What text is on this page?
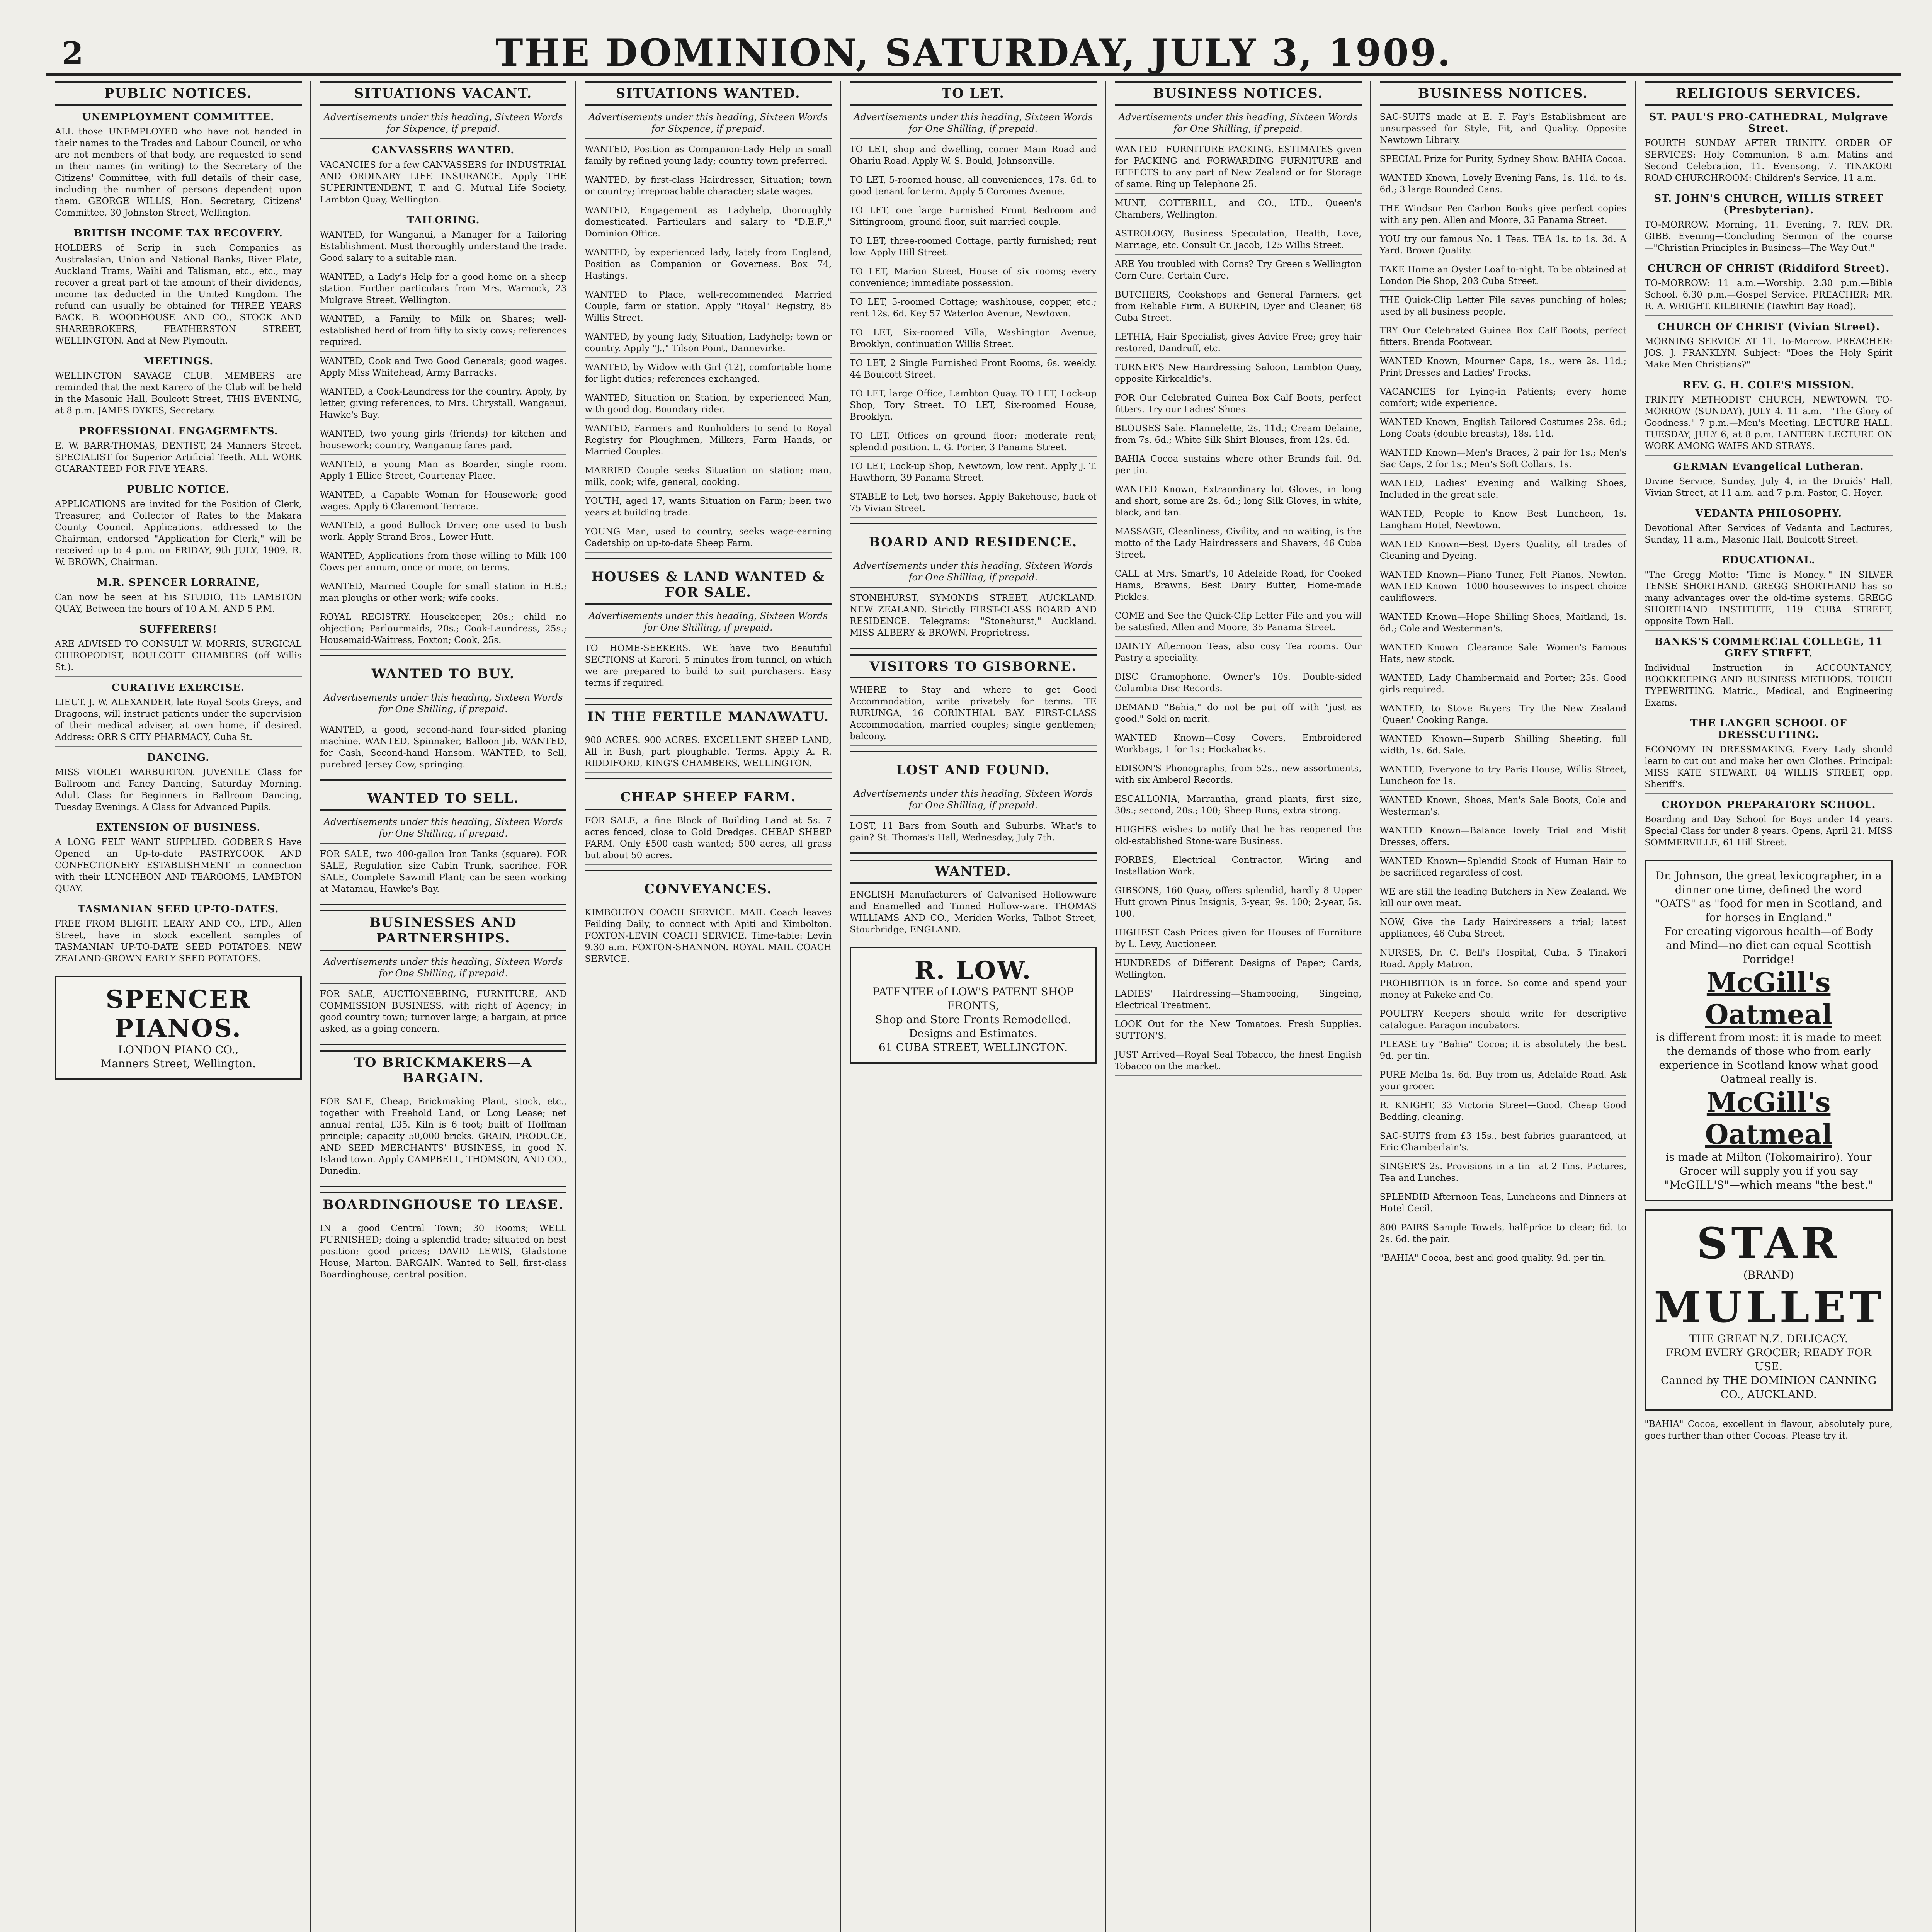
2	THE DOMINION, SATURDAY, JULY 3, 1909.
PUBLIC NOTICES.
UNEMPLOYMENT COMMITTEE.

ALL those UNEMPLOYED who have not handed in their names to the Trades and Labour Council, or who are not members of that body, are requested to send in their names (in writing) to the Secretary of the Citizens' Committee, with full details of their case, including the number of persons dependent upon them. GEORGE WILLIS, Hon. Secretary, Citizens' Committee, 30 Johnston Street, Wellington.

BRITISH INCOME TAX RECOVERY.

HOLDERS of Scrip in such Companies as Australasian, Union and National Banks, River Plate, Auckland Trams, Waihi and Talisman, etc., etc., may recover a great part of the amount of their dividends, income tax deducted in the United Kingdom. The refund can usually be obtained for THREE YEARS BACK. B. WOODHOUSE AND CO., STOCK AND SHAREBROKERS, FEATHERSTON STREET, WELLINGTON. And at New Plymouth.

MEETINGS.

WELLINGTON SAVAGE CLUB. MEMBERS are reminded that the next Karero of the Club will be held in the Masonic Hall, Boulcott Street, THIS EVENING, at 8 p.m. JAMES DYKES, Secretary.

PROFESSIONAL ENGAGEMENTS.

E. W. BARR-THOMAS, DENTIST, 24 Manners Street. SPECIALIST for Superior Artificial Teeth. ALL WORK GUARANTEED FOR FIVE YEARS.

PUBLIC NOTICE.

APPLICATIONS are invited for the Position of Clerk, Treasurer, and Collector of Rates to the Makara County Council. Applications, addressed to the Chairman, endorsed "Application for Clerk," will be received up to 4 p.m. on FRIDAY, 9th JULY, 1909. R. W. BROWN, Chairman.

M.R. SPENCER LORRAINE,

Can now be seen at his STUDIO, 115 LAMBTON QUAY, Between the hours of 10 A.M. AND 5 P.M.

SUFFERERS!

ARE ADVISED TO CONSULT W. MORRIS, SURGICAL CHIROPODIST, BOULCOTT CHAMBERS (off Willis St.).

CURATIVE EXERCISE.

LIEUT. J. W. ALEXANDER, late Royal Scots Greys, and Dragoons, will instruct patients under the supervision of their medical adviser, at own home, if desired. Address: ORR'S CITY PHARMACY, Cuba St.

DANCING.

MISS VIOLET WARBURTON. JUVENILE Class for Ballroom and Fancy Dancing, Saturday Morning. Adult Class for Beginners in Ballroom Dancing, Tuesday Evenings. A Class for Advanced Pupils.

EXTENSION OF BUSINESS.

A LONG FELT WANT SUPPLIED. GODBER'S Have Opened an Up-to-date PASTRYCOOK AND CONFECTIONERY ESTABLISHMENT in connection with their LUNCHEON AND TEAROOMS, LAMBTON QUAY.

TASMANIAN SEED UP-TO-DATES.

FREE FROM BLIGHT. LEARY AND CO., LTD., Allen Street, have in stock excellent samples of TASMANIAN UP-TO-DATE SEED POTATOES. NEW ZEALAND-GROWN EARLY SEED POTATOES.

SPENCER PIANOS.
LONDON PIANO CO.,
Manners Street, Wellington.
SITUATIONS VACANT.
Advertisements under this heading, Sixteen Words for Sixpence, if prepaid.
CANVASSERS WANTED.

VACANCIES for a few CANVASSERS for INDUSTRIAL AND ORDINARY LIFE INSURANCE. Apply THE SUPERINTENDENT, T. and G. Mutual Life Society, Lambton Quay, Wellington.

TAILORING.

WANTED, for Wanganui, a Manager for a Tailoring Establishment. Must thoroughly understand the trade. Good salary to a suitable man.

WANTED, a Lady's Help for a good home on a sheep station. Further particulars from Mrs. Warnock, 23 Mulgrave Street, Wellington.

WANTED, a Family, to Milk on Shares; well-established herd of from fifty to sixty cows; references required.

WANTED, Cook and Two Good Generals; good wages. Apply Miss Whitehead, Army Barracks.

WANTED, a Cook-Laundress for the country. Apply, by letter, giving references, to Mrs. Chrystall, Wanganui, Hawke's Bay.

WANTED, two young girls (friends) for kitchen and housework; country, Wanganui; fares paid.

WANTED, a young Man as Boarder, single room. Apply 1 Ellice Street, Courtenay Place.

WANTED, a Capable Woman for Housework; good wages. Apply 6 Claremont Terrace.

WANTED, a good Bullock Driver; one used to bush work. Apply Strand Bros., Lower Hutt.

WANTED, Applications from those willing to Milk 100 Cows per annum, once or more, on terms.

WANTED, Married Couple for small station in H.B.; man ploughs or other work; wife cooks.

ROYAL REGISTRY. Housekeeper, 20s.; child no objection; Parlourmaids, 20s.; Cook-Laundress, 25s.; Housemaid-Waitress, Foxton; Cook, 25s.

WANTED TO BUY.
Advertisements under this heading, Sixteen Words for One Shilling, if prepaid.

WANTED, a good, second-hand four-sided planing machine. WANTED, Spinnaker, Balloon Jib. WANTED, for Cash, Second-hand Hansom. WANTED, to Sell, purebred Jersey Cow, springing.

WANTED TO SELL.
Advertisements under this heading, Sixteen Words for One Shilling, if prepaid.

FOR SALE, two 400-gallon Iron Tanks (square). FOR SALE, Regulation size Cabin Trunk, sacrifice. FOR SALE, Complete Sawmill Plant; can be seen working at Matamau, Hawke's Bay.

BUSINESSES AND PARTNERSHIPS.
Advertisements under this heading, Sixteen Words for One Shilling, if prepaid.

FOR SALE, AUCTIONEERING, FURNITURE, AND COMMISSION BUSINESS, with right of Agency; in good country town; turnover large; a bargain, at price asked, as a going concern.

TO BRICKMAKERS—A BARGAIN.

FOR SALE, Cheap, Brickmaking Plant, stock, etc., together with Freehold Land, or Long Lease; net annual rental, £35. Kiln is 6 foot; built of Hoffman principle; capacity 50,000 bricks. GRAIN, PRODUCE, AND SEED MERCHANTS' BUSINESS, in good N. Island town. Apply CAMPBELL, THOMSON, AND CO., Dunedin.

BOARDINGHOUSE TO LEASE.

IN a good Central Town; 30 Rooms; WELL FURNISHED; doing a splendid trade; situated on best position; good prices; DAVID LEWIS, Gladstone House, Marton. BARGAIN. Wanted to Sell, first-class Boardinghouse, central position.

SITUATIONS WANTED.
Advertisements under this heading, Sixteen Words for Sixpence, if prepaid.

WANTED, Position as Companion-Lady Help in small family by refined young lady; country town preferred.

WANTED, by first-class Hairdresser, Situation; town or country; irreproachable character; state wages.

WANTED, Engagement as Ladyhelp, thoroughly domesticated. Particulars and salary to "D.E.F.," Dominion Office.

WANTED, by experienced lady, lately from England, Position as Companion or Governess. Box 74, Hastings.

WANTED to Place, well-recommended Married Couple, farm or station. Apply "Royal" Registry, 85 Willis Street.

WANTED, by young lady, Situation, Ladyhelp; town or country. Apply "J.," Tilson Point, Dannevirke.

WANTED, by Widow with Girl (12), comfortable home for light duties; references exchanged.

WANTED, Situation on Station, by experienced Man, with good dog. Boundary rider.

WANTED, Farmers and Runholders to send to Royal Registry for Ploughmen, Milkers, Farm Hands, or Married Couples.

MARRIED Couple seeks Situation on station; man, milk, cook; wife, general, cooking.

YOUTH, aged 17, wants Situation on Farm; been two years at building trade.

YOUNG Man, used to country, seeks wage-earning Cadetship on up-to-date Sheep Farm.

HOUSES & LAND WANTED & FOR SALE.
Advertisements under this heading, Sixteen Words for One Shilling, if prepaid.

TO HOME-SEEKERS. WE have two Beautiful SECTIONS at Karori, 5 minutes from tunnel, on which we are prepared to build to suit purchasers. Easy terms if required.

IN THE FERTILE MANAWATU.

900 ACRES. 900 ACRES. EXCELLENT SHEEP LAND, All in Bush, part ploughable. Terms. Apply A. R. RIDDIFORD, KING'S CHAMBERS, WELLINGTON.

CHEAP SHEEP FARM.

FOR SALE, a fine Block of Building Land at 5s. 7 acres fenced, close to Gold Dredges. CHEAP SHEEP FARM. Only £500 cash wanted; 500 acres, all grass but about 50 acres.

CONVEYANCES.

KIMBOLTON COACH SERVICE. MAIL Coach leaves Feilding Daily, to connect with Apiti and Kimbolton. FOXTON-LEVIN COACH SERVICE. Time-table: Levin 9.30 a.m. FOXTON-SHANNON. ROYAL MAIL COACH SERVICE.

TO LET.
Advertisements under this heading, Sixteen Words for One Shilling, if prepaid.

TO LET, shop and dwelling, corner Main Road and Ohariu Road. Apply W. S. Bould, Johnsonville.

TO LET, 5-roomed house, all conveniences, 17s. 6d. to good tenant for term. Apply 5 Coromes Avenue.

TO LET, one large Furnished Front Bedroom and Sittingroom, ground floor, suit married couple.

TO LET, three-roomed Cottage, partly furnished; rent low. Apply Hill Street.

TO LET, Marion Street, House of six rooms; every convenience; immediate possession.

TO LET, 5-roomed Cottage; washhouse, copper, etc.; rent 12s. 6d. Key 57 Waterloo Avenue, Newtown.

TO LET, Six-roomed Villa, Washington Avenue, Brooklyn, continuation Willis Street.

TO LET, 2 Single Furnished Front Rooms, 6s. weekly. 44 Boulcott Street.

TO LET, large Office, Lambton Quay. TO LET, Lock-up Shop, Tory Street. TO LET, Six-roomed House, Brooklyn.

TO LET, Offices on ground floor; moderate rent; splendid position. L. G. Porter, 3 Panama Street.

TO LET, Lock-up Shop, Newtown, low rent. Apply J. T. Hawthorn, 39 Panama Street.

STABLE to Let, two horses. Apply Bakehouse, back of 75 Vivian Street.

BOARD AND RESIDENCE.
Advertisements under this heading, Sixteen Words for One Shilling, if prepaid.

STONEHURST, SYMONDS STREET, AUCKLAND. NEW ZEALAND. Strictly FIRST-CLASS BOARD AND RESIDENCE. Telegrams: "Stonehurst," Auckland. MISS ALBERY & BROWN, Proprietress.

VISITORS TO GISBORNE.

WHERE to Stay and where to get Good Accommodation, write privately for terms. TE RURUNGA, 16 CORINTHIAL BAY. FIRST-CLASS Accommodation, married couples; single gentlemen; balcony.

LOST AND FOUND.
Advertisements under this heading, Sixteen Words for One Shilling, if prepaid.

LOST, 11 Bars from South and Suburbs. What's to gain? St. Thomas's Hall, Wednesday, July 7th.

WANTED.

ENGLISH Manufacturers of Galvanised Hollowware and Enamelled and Tinned Hollow-ware. THOMAS WILLIAMS AND CO., Meriden Works, Talbot Street, Stourbridge, ENGLAND.

R. LOW.
PATENTEE of LOW'S PATENT SHOP FRONTS,
Shop and Store Fronts Remodelled.
Designs and Estimates.
61 CUBA STREET, WELLINGTON.
BUSINESS NOTICES.
Advertisements under this heading, Sixteen Words for One Shilling, if prepaid.

WANTED—FURNITURE PACKING. ESTIMATES given for PACKING and FORWARDING FURNITURE and EFFECTS to any part of New Zealand or for Storage of same. Ring up Telephone 25.

MUNT, COTTERILL, and CO., LTD., Queen's Chambers, Wellington.

ASTROLOGY, Business Speculation, Health, Love, Marriage, etc. Consult Cr. Jacob, 125 Willis Street.

ARE You troubled with Corns? Try Green's Wellington Corn Cure. Certain Cure.

BUTCHERS, Cookshops and General Farmers, get from Reliable Firm. A BURFIN, Dyer and Cleaner, 68 Cuba Street.

LETHIA, Hair Specialist, gives Advice Free; grey hair restored, Dandruff, etc.

TURNER'S New Hairdressing Saloon, Lambton Quay, opposite Kirkcaldie's.

FOR Our Celebrated Guinea Box Calf Boots, perfect fitters. Try our Ladies' Shoes.

BLOUSES Sale. Flannelette, 2s. 11d.; Cream Delaine, from 7s. 6d.; White Silk Shirt Blouses, from 12s. 6d.

BAHIA Cocoa sustains where other Brands fail. 9d. per tin.

WANTED Known, Extraordinary lot Gloves, in long and short, some are 2s. 6d.; long Silk Gloves, in white, black, and tan.

MASSAGE, Cleanliness, Civility, and no waiting, is the motto of the Lady Hairdressers and Shavers, 46 Cuba Street.

CALL at Mrs. Smart's, 10 Adelaide Road, for Cooked Hams, Brawns, Best Dairy Butter, Home-made Pickles.

COME and See the Quick-Clip Letter File and you will be satisfied. Allen and Moore, 35 Panama Street.

DAINTY Afternoon Teas, also cosy Tea rooms. Our Pastry a speciality.

DISC Gramophone, Owner's 10s. Double-sided Columbia Disc Records.

DEMAND "Bahia," do not be put off with "just as good." Sold on merit.

WANTED Known—Cosy Covers, Embroidered Workbags, 1 for 1s.; Hockabacks.

EDISON'S Phonographs, from 52s., new assortments, with six Amberol Records.

ESCALLONIA, Marrantha, grand plants, first size, 30s.; second, 20s.; 100; Sheep Runs, extra strong.

HUGHES wishes to notify that he has reopened the old-established Stone-ware Business.

FORBES, Electrical Contractor, Wiring and Installation Work.

GIBSONS, 160 Quay, offers splendid, hardly 8 Upper Hutt grown Pinus Insignis, 3-year, 9s. 100; 2-year, 5s. 100.

HIGHEST Cash Prices given for Houses of Furniture by L. Levy, Auctioneer.

HUNDREDS of Different Designs of Paper; Cards, Wellington.

LADIES' Hairdressing—Shampooing, Singeing, Electrical Treatment.

LOOK Out for the New Tomatoes. Fresh Supplies. SUTTON'S.

JUST Arrived—Royal Seal Tobacco, the finest English Tobacco on the market.

BUSINESS NOTICES.

SAC-SUITS made at E. F. Fay's Establishment are unsurpassed for Style, Fit, and Quality. Opposite Newtown Library.

SPECIAL Prize for Purity, Sydney Show. BAHIA Cocoa.

WANTED Known, Lovely Evening Fans, 1s. 11d. to 4s. 6d.; 3 large Rounded Cans.

THE Windsor Pen Carbon Books give perfect copies with any pen. Allen and Moore, 35 Panama Street.

YOU try our famous No. 1 Teas. TEA 1s. to 1s. 3d. A Yard. Brown Quality.

TAKE Home an Oyster Loaf to-night. To be obtained at London Pie Shop, 203 Cuba Street.

THE Quick-Clip Letter File saves punching of holes; used by all business people.

TRY Our Celebrated Guinea Box Calf Boots, perfect fitters. Brenda Footwear.

WANTED Known, Mourner Caps, 1s., were 2s. 11d.; Print Dresses and Ladies' Frocks.

VACANCIES for Lying-in Patients; every home comfort; wide experience.

WANTED Known, English Tailored Costumes 23s. 6d.; Long Coats (double breasts), 18s. 11d.

WANTED Known—Men's Braces, 2 pair for 1s.; Men's Sac Caps, 2 for 1s.; Men's Soft Collars, 1s.

WANTED, Ladies' Evening and Walking Shoes, Included in the great sale.

WANTED, People to Know Best Luncheon, 1s. Langham Hotel, Newtown.

WANTED Known—Best Dyers Quality, all trades of Cleaning and Dyeing.

WANTED Known—Piano Tuner, Felt Pianos, Newton. WANTED Known—1000 housewives to inspect choice cauliflowers.

WANTED Known—Hope Shilling Shoes, Maitland, 1s. 6d.; Cole and Westerman's.

WANTED Known—Clearance Sale—Women's Famous Hats, new stock.

WANTED, Lady Chambermaid and Porter; 25s. Good girls required.

WANTED, to Stove Buyers—Try the New Zealand 'Queen' Cooking Range.

WANTED Known—Superb Shilling Sheeting, full width, 1s. 6d. Sale.

WANTED, Everyone to try Paris House, Willis Street, Luncheon for 1s.

WANTED Known, Shoes, Men's Sale Boots, Cole and Westerman's.

WANTED Known—Balance lovely Trial and Misfit Dresses, offers.

WANTED Known—Splendid Stock of Human Hair to be sacrificed regardless of cost.

WE are still the leading Butchers in New Zealand. We kill our own meat.

NOW, Give the Lady Hairdressers a trial; latest appliances, 46 Cuba Street.

NURSES, Dr. C. Bell's Hospital, Cuba, 5 Tinakori Road. Apply Matron.

PROHIBITION is in force. So come and spend your money at Pakeke and Co.

POULTRY Keepers should write for descriptive catalogue. Paragon incubators.

PLEASE try "Bahia" Cocoa; it is absolutely the best. 9d. per tin.

PURE Melba 1s. 6d. Buy from us, Adelaide Road. Ask your grocer.

R. KNIGHT, 33 Victoria Street—Good, Cheap Good Bedding, cleaning.

SAC-SUITS from £3 15s., best fabrics guaranteed, at Eric Chamberlain's.

SINGER'S 2s. Provisions in a tin—at 2 Tins. Pictures, Tea and Lunches.

SPLENDID Afternoon Teas, Luncheons and Dinners at Hotel Cecil.

800 PAIRS Sample Towels, half-price to clear; 6d. to 2s. 6d. the pair.

"BAHIA" Cocoa, best and good quality. 9d. per tin.

RELIGIOUS SERVICES.
ST. PAUL'S PRO-CATHEDRAL, Mulgrave Street.

FOURTH SUNDAY AFTER TRINITY. ORDER OF SERVICES: Holy Communion, 8 a.m. Matins and Second Celebration, 11. Evensong, 7. TINAKORI ROAD CHURCHROOM: Children's Service, 11 a.m.

ST. JOHN'S CHURCH, WILLIS STREET (Presbyterian).

TO-MORROW. Morning, 11. Evening, 7. REV. DR. GIBB. Evening—Concluding Sermon of the course—"Christian Principles in Business—The Way Out."

CHURCH OF CHRIST (Riddiford Street).

TO-MORROW: 11 a.m.—Worship. 2.30 p.m.—Bible School. 6.30 p.m.—Gospel Service. PREACHER: MR. R. A. WRIGHT. KILBIRNIE (Tawhiri Bay Road).

CHURCH OF CHRIST (Vivian Street).

MORNING SERVICE AT 11. To-Morrow. PREACHER: JOS. J. FRANKLYN. Subject: "Does the Holy Spirit Make Men Christians?"

REV. G. H. COLE'S MISSION.

TRINITY METHODIST CHURCH, NEWTOWN. TO-MORROW (SUNDAY), JULY 4. 11 a.m.—"The Glory of Goodness." 7 p.m.—Men's Meeting. LECTURE HALL. TUESDAY, JULY 6, at 8 p.m. LANTERN LECTURE ON WORK AMONG WAIFS AND STRAYS.

GERMAN Evangelical Lutheran.

Divine Service, Sunday, July 4, in the Druids' Hall, Vivian Street, at 11 a.m. and 7 p.m. Pastor, G. Hoyer.

VEDANTA PHILOSOPHY.

Devotional After Services of Vedanta and Lectures, Sunday, 11 a.m., Masonic Hall, Boulcott Street.

EDUCATIONAL.

"The Gregg Motto: 'Time is Money.'" IN SILVER TENSE SHORTHAND. GREGG SHORTHAND has so many advantages over the old-time systems. GREGG SHORTHAND INSTITUTE, 119 CUBA STREET, opposite Town Hall.

BANKS'S COMMERCIAL COLLEGE, 11 GREY STREET.

Individual Instruction in ACCOUNTANCY, BOOKKEEPING AND BUSINESS METHODS. TOUCH TYPEWRITING. Matric., Medical, and Engineering Exams.

THE LANGER SCHOOL OF DRESSCUTTING.

ECONOMY IN DRESSMAKING. Every Lady should learn to cut out and make her own Clothes. Principal: MISS KATE STEWART, 84 WILLIS STREET, opp. Sheriff's.

CROYDON PREPARATORY SCHOOL.

Boarding and Day School for Boys under 14 years. Special Class for under 8 years. Opens, April 21. MISS SOMMERVILLE, 61 Hill Street.

Dr. Johnson, the great lexicographer, in a dinner one time, defined the word "OATS" as "food for men in Scotland, and for horses in England."
For creating vigorous health—of Body and Mind—no diet can equal Scottish Porridge!
McGill's Oatmeal
is different from most: it is made to meet the demands of those who from early experience in Scotland know what good Oatmeal really is.
McGill's Oatmeal
is made at Milton (Tokomairiro). Your Grocer will supply you if you say "McGILL'S"—which means "the best."
STAR
(BRAND)
MULLET
THE GREAT N.Z. DELICACY.
FROM EVERY GROCER; READY FOR USE.
Canned by THE DOMINION CANNING CO., AUCKLAND.

"BAHIA" Cocoa, excellent in flavour, absolutely pure, goes further than other Cocoas. Please try it.
